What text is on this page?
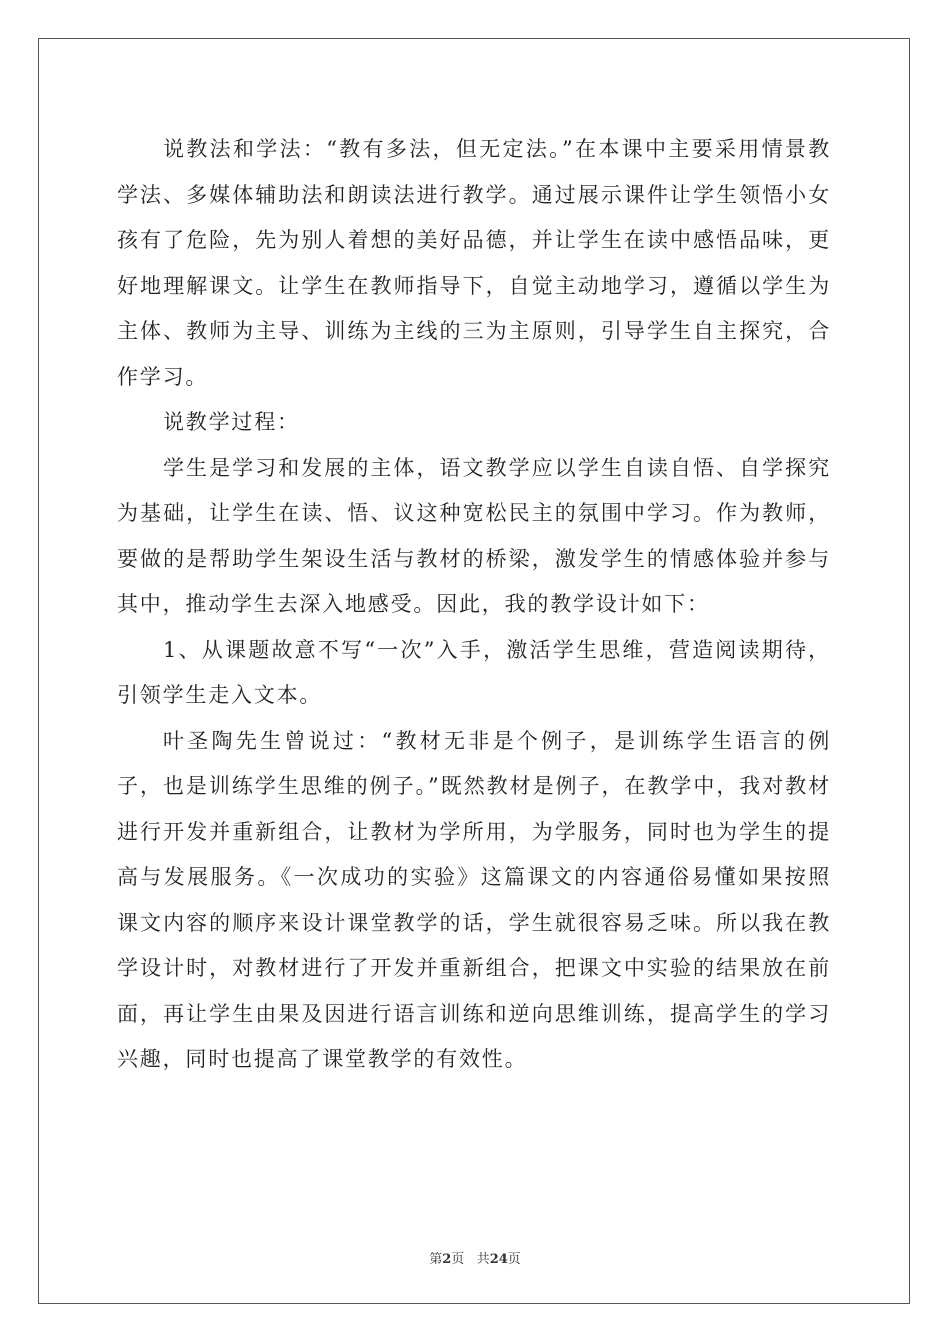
说教法和学法：“教有多法，但无定法。”在本课中主要采用情景教学法、多媒体辅助法和朗读法进行教学。通过展示课件让学生领悟小女孩有了危险，先为别人着想的美好品德，并让学生在读中感悟品味，更好地理解课文。让学生在教师指导下，自觉主动地学习，遵循以学生为主体、教师为主导、训练为主线的三为主原则，引导学生自主探究，合作学习。

说教学过程：

学生是学习和发展的主体，语文教学应以学生自读自悟、自学探究为基础，让学生在读、悟、议这种宽松民主的氛围中学习。作为教师，要做的是帮助学生架设生活与教材的桥梁，激发学生的情感体验并参与其中，推动学生去深入地感受。因此，我的教学设计如下：

1、从课题故意不写“一次”入手，激活学生思维，营造阅读期待，引领学生走入文本。

叶圣陶先生曾说过：“教材无非是个例子，是训练学生语言的例子，也是训练学生思维的例子。”既然教材是例子，在教学中，我对教材进行开发并重新组合，让教材为学所用，为学服务，同时也为学生的提高与发展服务。《一次成功的实验》这篇课文的内容通俗易懂如果按照课文内容的顺序来设计课堂教学的话，学生就很容易乏味。所以我在教学设计时，对教材进行了开发并重新组合，把课文中实验的结果放在前面，再让学生由果及因进行语言训练和逆向思维训练，提高学生的学习兴趣，同时也提高了课堂教学的有效性。

第2页 共24页
